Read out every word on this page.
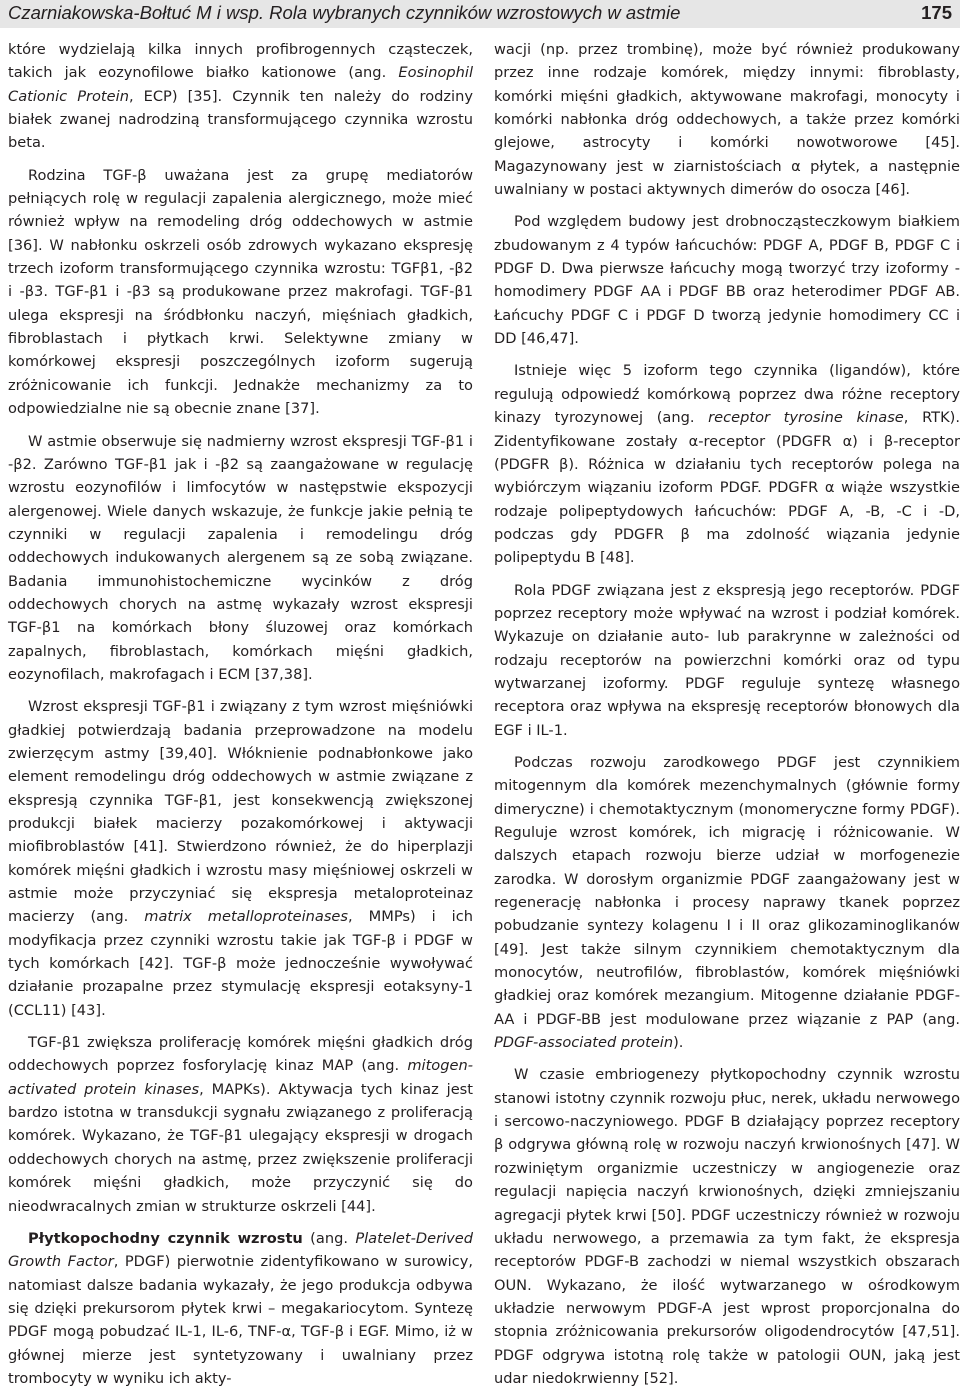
Czarniakowska-Bołtuć M i wsp. Rola wybranych czynników wzrostowych w astmie	175

które wydzielają kilka innych profibrogennych cząsteczek, takich jak eozynofilowe białko kationowe (ang. Eosinophil Cationic Protein, ECP) [35]. Czynnik ten należy do rodziny białek zwanej nadrodziną transformującego czynnika wzrostu beta.

Rodzina TGF-β uważana jest za grupę mediatorów pełniących rolę w regulacji zapalenia alergicznego, może mieć również wpływ na remodeling dróg oddechowych w astmie [36]. W nabłonku oskrzeli osób zdrowych wykazano ekspresję trzech izoform transformującego czynnika wzrostu: TGFβ1, -β2 i -β3. TGF-β1 i -β3 są produkowane przez makrofagi. TGF-β1 ulega ekspresji na śródbłonku naczyń, mięśniach gładkich, fibroblastach i płytkach krwi. Selektywne zmiany w komórkowej ekspresji poszczególnych izoform sugerują zróżnicowanie ich funkcji. Jednakże mechanizmy za to odpowiedzialne nie są obecnie znane [37].

W astmie obserwuje się nadmierny wzrost ekspresji TGF-β1 i -β2. Zarówno TGF-β1 jak i -β2 są zaangażowane w regulację wzrostu eozynofilów i limfocytów w następstwie ekspozycji alergenowej. Wiele danych wskazuje, że funkcje jakie pełnią te czynniki w regulacji zapalenia i remodelingu dróg oddechowych indukowanych alergenem są ze sobą związane. Badania immunohistochemiczne wycinków z dróg oddechowych chorych na astmę wykazały wzrost ekspresji TGF-β1 na komórkach błony śluzowej oraz komórkach zapalnych, fibroblastach, komórkach mięśni gładkich, eozynofilach, makrofagach i ECM [37,38].

Wzrost ekspresji TGF-β1 i związany z tym wzrost mięśniówki gładkiej potwierdzają badania przeprowadzone na modelu zwierzęcym astmy [39,40]. Włóknienie podnabłonkowe jako element remodelingu dróg oddechowych w astmie związane z ekspresją czynnika TGF-β1, jest konsekwencją zwiększonej produkcji białek macierzy pozakomórkowej i aktywacji miofibroblastów [41]. Stwierdzono również, że do hiperplazji komórek mięśni gładkich i wzrostu masy mięśniowej oskrzeli w astmie może przyczyniać się ekspresja metaloproteinaz macierzy (ang. matrix metalloproteinases, MMPs) i ich modyfikacja przez czynniki wzrostu takie jak TGF-β i PDGF w tych komórkach [42]. TGF-β może jednocześnie wywoływać działanie prozapalne przez stymulację ekspresji eotaksyny-1 (CCL11) [43].

TGF-β1 zwiększa proliferację komórek mięśni gładkich dróg oddechowych poprzez fosforylację kinaz MAP (ang. mitogen-activated protein kinases, MAPKs). Aktywacja tych kinaz jest bardzo istotna w transdukcji sygnału związanego z proliferacją komórek. Wykazano, że TGF-β1 ulegający ekspresji w drogach oddechowych chorych na astmę, przez zwiększenie proliferacji komórek mięśni gładkich, może przyczynić się do nieodwracalnych zmian w strukturze oskrzeli [44].

Płytkopochodny czynnik wzrostu (ang. Platelet-Derived Growth Factor, PDGF) pierwotnie zidentyfikowano w surowicy, natomiast dalsze badania wykazały, że jego produkcja odbywa się dzięki prekursorom płytek krwi – megakariocytom. Syntezę PDGF mogą pobudzać IL-1, IL-6, TNF-α, TGF-β i EGF. Mimo, iż w głównej mierze jest syntetyzowany i uwalniany przez trombocyty w wyniku ich akty-

wacji (np. przez trombinę), może być również produkowany przez inne rodzaje komórek, między innymi: fibroblasty, komórki mięśni gładkich, aktywowane makrofagi, monocyty i komórki nabłonka dróg oddechowych, a także przez komórki glejowe, astrocyty i komórki nowotworowe [45]. Magazynowany jest w ziarnistościach α płytek, a następnie uwalniany w postaci aktywnych dimerów do osocza [46].

Pod względem budowy jest drobnocząsteczkowym białkiem zbudowanym z 4 typów łańcuchów: PDGF A, PDGF B, PDGF C i PDGF D. Dwa pierwsze łańcuchy mogą tworzyć trzy izoformy - homodimery PDGF AA i PDGF BB oraz heterodimer PDGF AB. Łańcuchy PDGF C i PDGF D tworzą jedynie homodimery CC i DD [46,47].

Istnieje więc 5 izoform tego czynnika (ligandów), które regulują odpowiedź komórkową poprzez dwa różne receptory kinazy tyrozynowej (ang. receptor tyrosine kinase, RTK). Zidentyfikowane zostały α-receptor (PDGFR α) i β-receptor (PDGFR β). Różnica w działaniu tych receptorów polega na wybiórczym wiązaniu izoform PDGF. PDGFR α wiąże wszystkie rodzaje polipeptydowych łańcuchów: PDGF A, -B, -C i -D, podczas gdy PDGFR β ma zdolność wiązania jedynie polipeptydu B [48].

Rola PDGF związana jest z ekspresją jego receptorów. PDGF poprzez receptory może wpływać na wzrost i podział komórek. Wykazuje on działanie auto- lub parakrynne w zależności od rodzaju receptorów na powierzchni komórki oraz od typu wytwarzanej izoformy. PDGF reguluje syntezę własnego receptora oraz wpływa na ekspresję receptorów błonowych dla EGF i IL-1.

Podczas rozwoju zarodkowego PDGF jest czynnikiem mitogennym dla komórek mezenchymalnych (głównie formy dimeryczne) i chemotaktycznym (monomeryczne formy PDGF). Reguluje wzrost komórek, ich migrację i różnicowanie. W dalszych etapach rozwoju bierze udział w morfogenezie zarodka. W dorosłym organizmie PDGF zaangażowany jest w regenerację nabłonka i procesy naprawy tkanek poprzez pobudzanie syntezy kolagenu I i II oraz glikozaminoglikanów [49]. Jest także silnym czynnikiem chemotaktycznym dla monocytów, neutrofilów, fibroblastów, komórek mięśniówki gładkiej oraz komórek mezangium. Mitogenne działanie PDGF-AA i PDGF-BB jest modulowane przez wiązanie z PAP (ang. PDGF-associated protein).

W czasie embriogenezy płytkopochodny czynnik wzrostu stanowi istotny czynnik rozwoju płuc, nerek, układu nerwowego i sercowo-naczyniowego. PDGF B działający poprzez receptory β odgrywa główną rolę w rozwoju naczyń krwionośnych [47]. W rozwiniętym organizmie uczestniczy w angiogenezie oraz regulacji napięcia naczyń krwionośnych, dzięki zmniejszaniu agregacji płytek krwi [50]. PDGF uczestniczy również w rozwoju układu nerwowego, a przemawia za tym fakt, że ekspresja receptorów PDGF-B zachodzi w niemal wszystkich obszarach OUN. Wykazano, że ilość wytwarzanego w ośrodkowym układzie nerwowym PDGF-A jest wprost proporcjonalna do stopnia zróżnicowania prekursorów oligodendrocytów [47,51]. PDGF odgrywa istotną rolę także w patologii OUN, jaką jest udar niedokrwienny [52].
